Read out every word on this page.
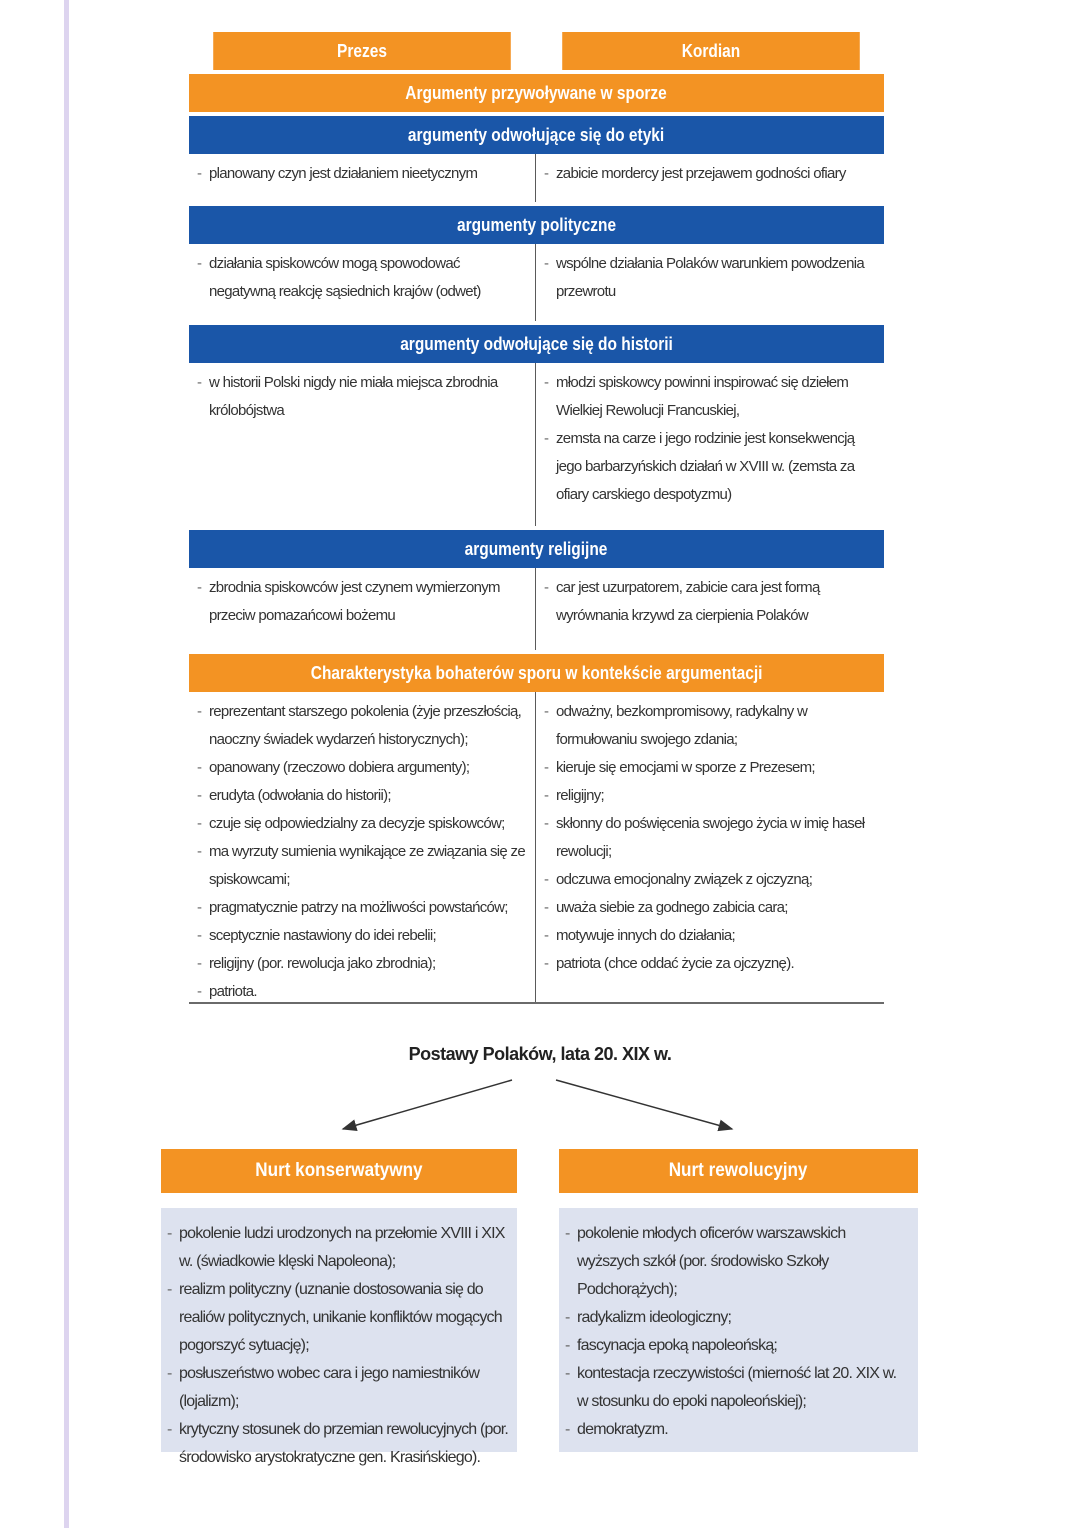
Prezes	Kordian
Argumenty przywoływane w sporze
argumenty odwołujące się do etyki
- planowany czyn jest działaniem nieetycznym
-	zabicie mordercy jest przejawem godności ofiary
argumenty polityczne
- działania spiskowców mogą spowodować negatywną reakcję sąsiednich krajów (odwet)
- wspólne działania Polaków warunkiem powodzenia przewrotu
argumenty odwołujące się do historii
- w historii Polski nigdy nie miała miejsca zbrodnia królobójstwa
- młodzi spiskowcy powinni inspirować się dziełem Wielkiej Rewolucji Francuskiej,
- zemsta na carze i jego rodzinie jest konsekwencją jego barbarzyńskich działań w XVIII w. (zemsta za ofiary carskiego despotyzmu)
argumenty religijne
- zbrodnia spiskowców jest czynem wymierzonym przeciw pomazańcowi bożemu
- car jest uzurpatorem, zabicie cara jest formą wyrównania krzywd za cierpienia Polaków
Charakterystyka bohaterów sporu w kontekście argumentacji
- reprezentant starszego pokolenia (żyje przeszłością, naoczny świadek wydarzeń historycznych);
- opanowany (rzeczowo dobiera argumenty);
- erudyta (odwołania do historii);
- czuje się odpowiedzialny za decyzje spiskowców;
- ma wyrzuty sumienia wynikające ze związania się ze spiskowcami;
- pragmatycznie patrzy na możliwości powstańców;
- sceptycznie nastawiony do idei rebelii;
- religijny (por. rewolucja jako zbrodnia);
- patriota.
- odważny, bezkompromisowy, radykalny w formułowaniu swojego zdania;
- kieruje się emocjami w sporze z Prezesem;
- religijny;
- skłonny do poświęcenia swojego życia w imię haseł rewolucji;
- odczuwa emocjonalny związek z ojczyzną;
- uważa siebie za godnego zabicia cara;
- motywuje innych do działania;
- patriota (chce oddać życie za ojczyznę).
Postawy Polaków, lata 20. XIX w.
Nurt konserwatywny
- pokolenie ludzi urodzonych na przełomie XVIII i XIX w. (świadkowie klęski Napoleona);
- realizm polityczny (uznanie dostosowania się do realiów politycznych, unikanie konfliktów mogących pogorszyć sytuację);
- posłuszeństwo wobec cara i jego namiestników (lojalizm);
- krytyczny stosunek do przemian rewolucyjnych (por. środowisko arystokratyczne gen. Krasińskiego).
Nurt rewolucyjny
- pokolenie młodych oficerów warszawskich wyższych szkół (por. środowisko Szkoły Podchorążych);
- radykalizm ideologiczny;
- fascynacja epoką napoleońską;
- kontestacja rzeczywistości (mierność lat 20. XIX w. w stosunku do epoki napoleońskiej);
- demokratyzm.
